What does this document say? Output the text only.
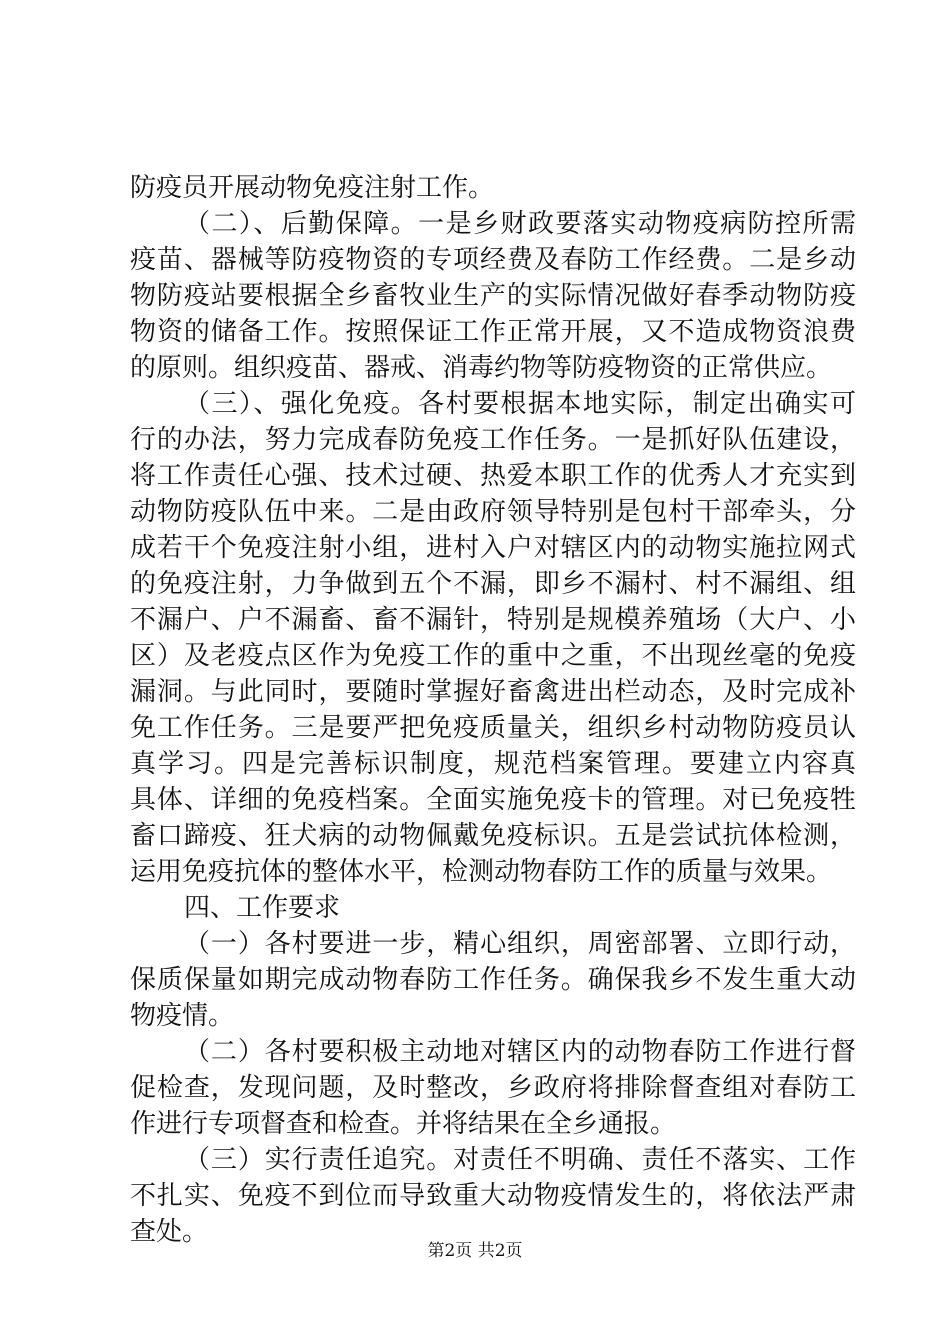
防疫员开展动物免疫注射工作。
（二）、后勤保障。一是乡财政要落实动物疫病防控所需
疫苗、器械等防疫物资的专项经费及春防工作经费。二是乡动
物防疫站要根据全乡畜牧业生产的实际情况做好春季动物防疫
物资的储备工作。按照保证工作正常开展，又不造成物资浪费
的原则。组织疫苗、器戒、消毒约物等防疫物资的正常供应。
（三）、强化免疫。各村要根据本地实际，制定出确实可
行的办法，努力完成春防免疫工作任务。一是抓好队伍建设，
将工作责任心强、技术过硬、热爱本职工作的优秀人才充实到
动物防疫队伍中来。二是由政府领导特别是包村干部牵头，分
成若干个免疫注射小组，进村入户对辖区内的动物实施拉网式
的免疫注射，力争做到五个不漏，即乡不漏村、村不漏组、组
不漏户、户不漏畜、畜不漏针，特别是规模养殖场（大户、小
区）及老疫点区作为免疫工作的重中之重，不出现丝毫的免疫
漏洞。与此同时，要随时掌握好畜禽进出栏动态，及时完成补
免工作任务。三是要严把免疫质量关，组织乡村动物防疫员认
真学习。四是完善标识制度，规范档案管理。要建立内容真
具体、详细的免疫档案。全面实施免疫卡的管理。对已免疫牲
畜口蹄疫、狂犬病的动物佩戴免疫标识。五是尝试抗体检测，
运用免疫抗体的整体水平，检测动物春防工作的质量与效果。
四、工作要求
（一）各村要进一步，精心组织，周密部署、立即行动，
保质保量如期完成动物春防工作任务。确保我乡不发生重大动
物疫情。
（二）各村要积极主动地对辖区内的动物春防工作进行督
促检查，发现问题，及时整改，乡政府将排除督查组对春防工
作进行专项督查和检查。并将结果在全乡通报。
（三）实行责任追究。对责任不明确、责任不落实、工作
不扎实、免疫不到位而导致重大动物疫情发生的，将依法严肃
查处。
第2页 共2页
